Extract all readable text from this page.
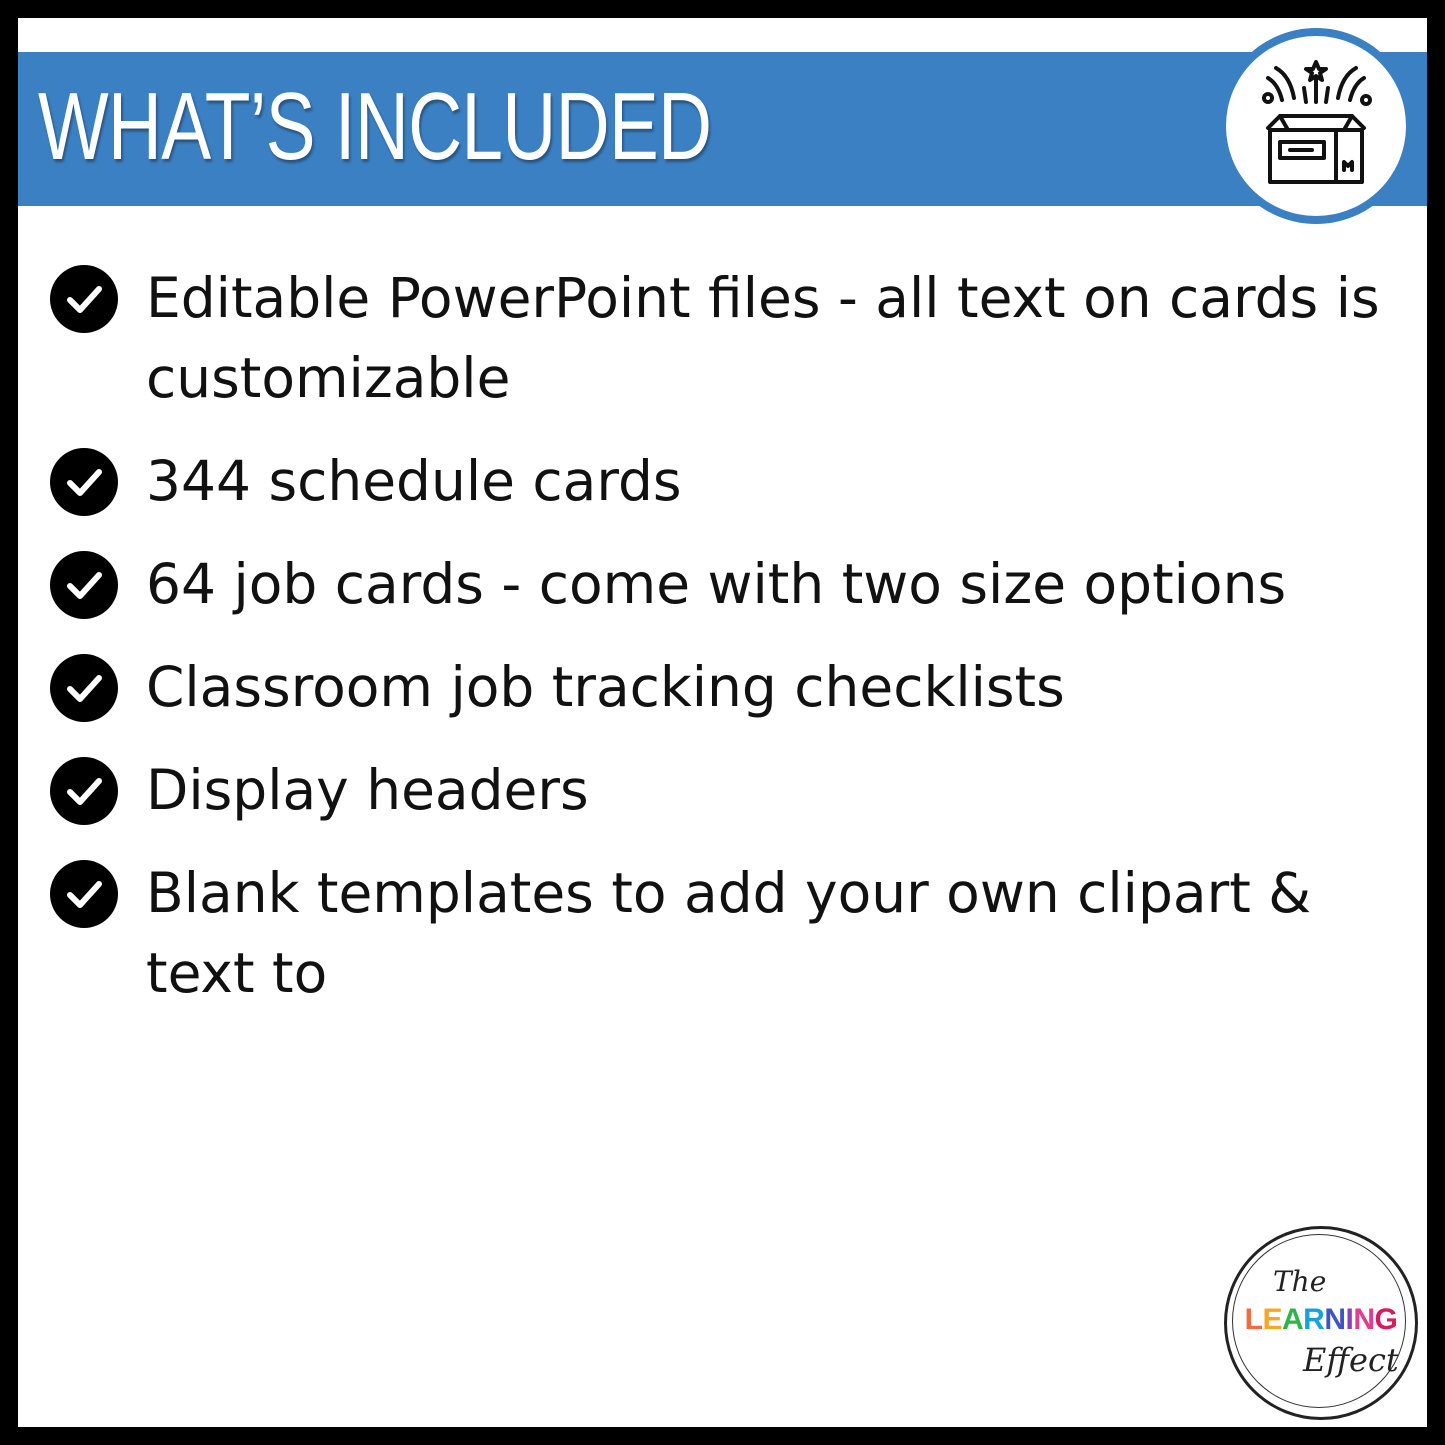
WHAT’S INCLUDED
Editable PowerPoint files - all text on cards is customizable
344 schedule cards
64 job cards - come with two size options
Classroom job tracking checklists
Display headers
Blank templates to add your own clipart & text to
The
LEARNING
Effect
